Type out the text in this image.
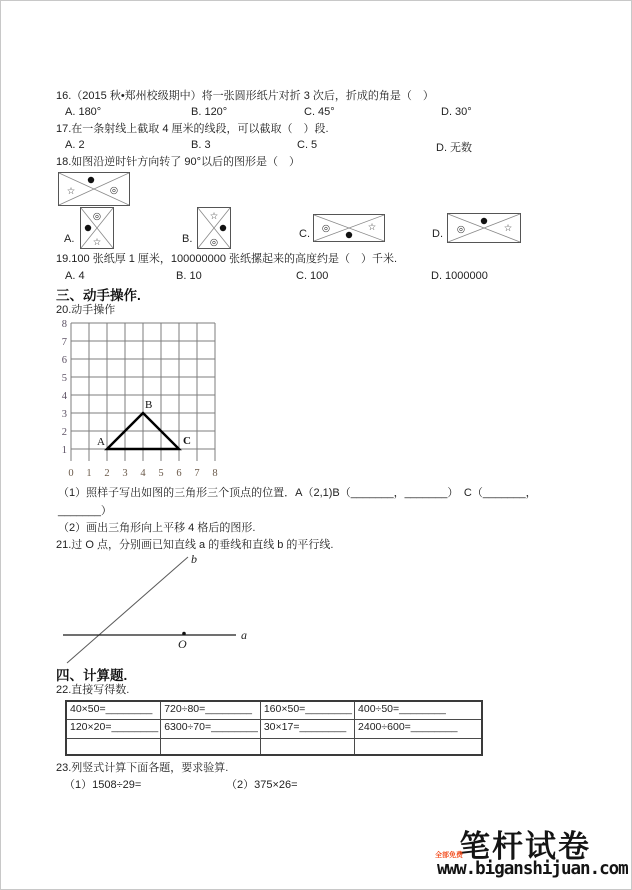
16.（2015 秋•郑州校级期中）将一张圆形纸片对折 3 次后，折成的角是（　）
A. 180°	B. 120°	C. 45°	D. 30°
17.在一条射线上截取 4 厘米的线段，可以截取（　）段.
A. 2	B. 3	C. 5	D. 无数
18.如图沿逆时针方向转了 90°以后的图形是（　）
☆	◎
A.
◎
☆	B.
☆
◎
C. ◎	☆
D. ◎	☆
19.100 张纸厚 1 厘米，100000000 张纸摞起来的高度约是（　）千米.
A. 4	B. 10	C. 100	D. 1000000
三、动手操作.
20.动手操作
8
7
6
5
4
3
2
1
0 1 2 3 4 5 6 7 8
A
B
C
（1）照样子写出如图的三角形三个顶点的位置．A（2,1)B（_______，_______）　C（_______，
_______）
（2）画出三角形向上平移 4 格后的图形.
21.过 O 点，分别画已知直线 a 的垂线和直线 b 的平行线.
b
a
O
四、计算题.
22.直接写得数.
40×50=________	720÷80=________	160×50=________	400÷50=________
120×20=________	6300÷70=________	30×17=________	2400÷600=________

23.列竖式计算下面各题，要求验算.
（1）1508÷29=	（2）375×26=
笔杆试卷
全部免费
www.biganshijuan.com
